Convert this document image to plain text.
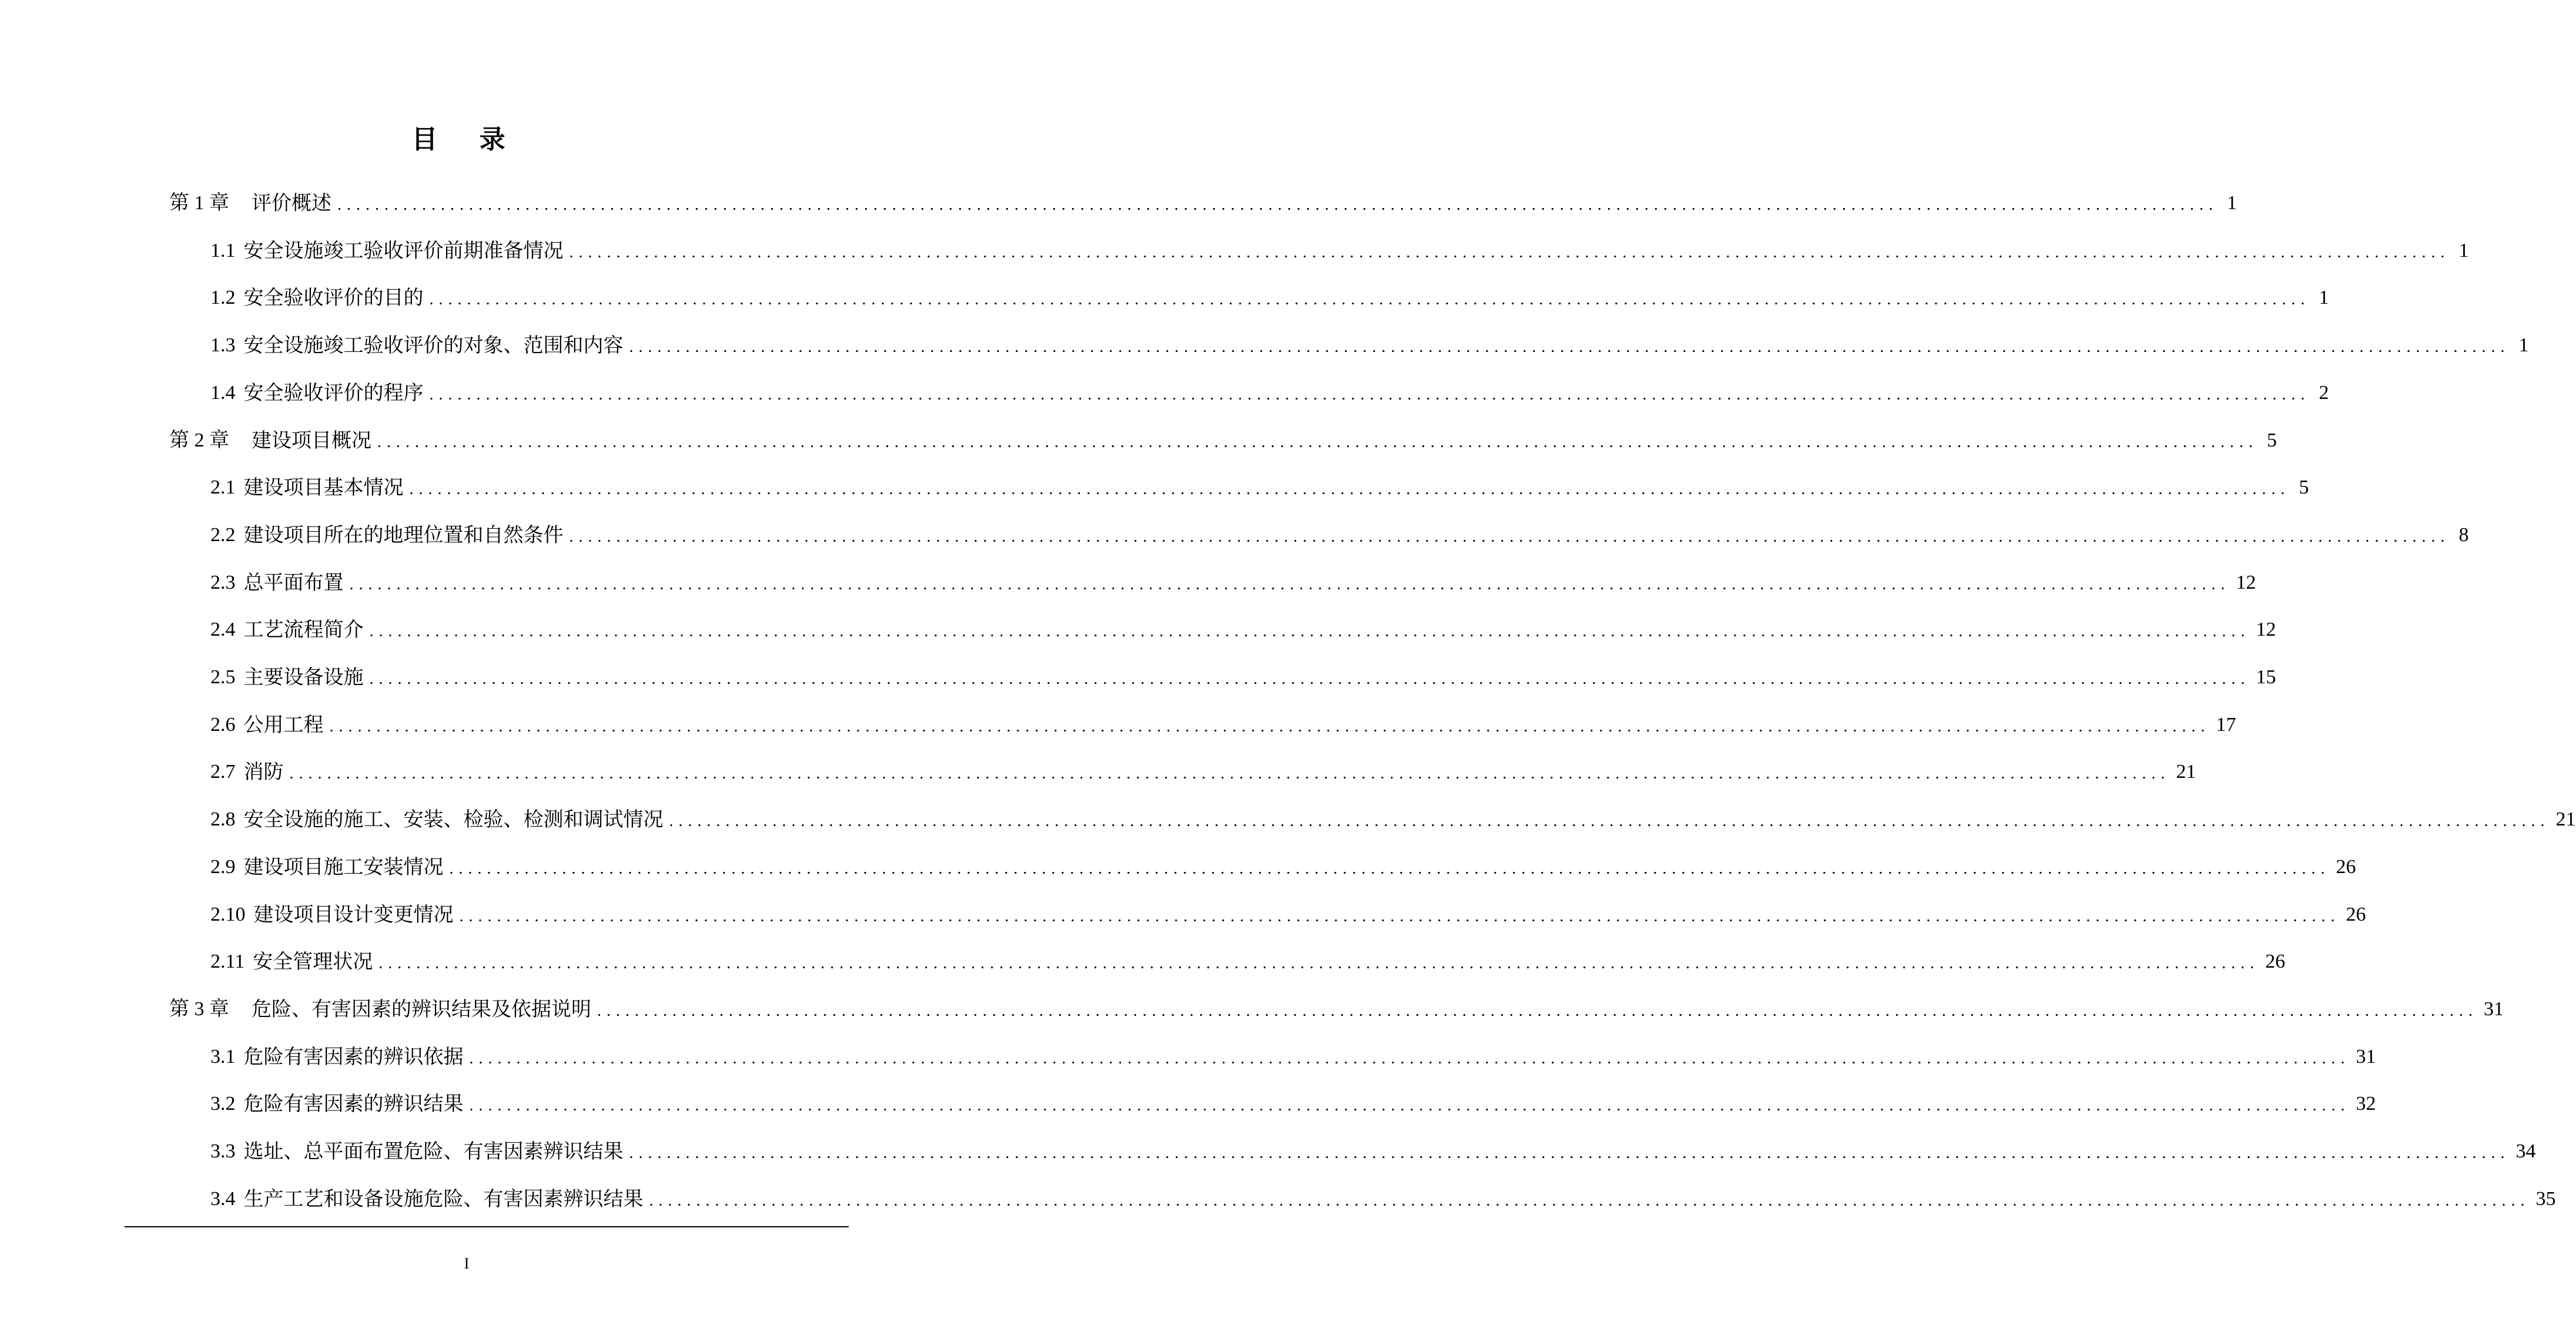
目 录
第 1 章 评价概述 ........................................................................................................................................................................................................ 1
1.1 安全设施竣工验收评价前期准备情况 ........................................................................................................................................................................................................ 1
1.2 安全验收评价的目的 ........................................................................................................................................................................................................ 1
1.3 安全设施竣工验收评价的对象、范围和内容 ........................................................................................................................................................................................................ 1
1.4 安全验收评价的程序 ........................................................................................................................................................................................................ 2
第 2 章 建设项目概况 ........................................................................................................................................................................................................ 5
2.1 建设项目基本情况 ........................................................................................................................................................................................................ 5
2.2 建设项目所在的地理位置和自然条件 ........................................................................................................................................................................................................ 8
2.3 总平面布置 ........................................................................................................................................................................................................ 12
2.4 工艺流程简介 ........................................................................................................................................................................................................ 12
2.5 主要设备设施 ........................................................................................................................................................................................................ 15
2.6 公用工程 ........................................................................................................................................................................................................ 17
2.7 消防 ........................................................................................................................................................................................................ 21
2.8 安全设施的施工、安装、检验、检测和调试情况 ........................................................................................................................................................................................................ 21
2.9 建设项目施工安装情况 ........................................................................................................................................................................................................ 26
2.10 建设项目设计变更情况 ........................................................................................................................................................................................................ 26
2.11 安全管理状况 ........................................................................................................................................................................................................ 26
第 3 章 危险、有害因素的辨识结果及依据说明 ........................................................................................................................................................................................................ 31
3.1 危险有害因素的辨识依据 ........................................................................................................................................................................................................ 31
3.2 危险有害因素的辨识结果 ........................................................................................................................................................................................................ 32
3.3 选址、总平面布置危险、有害因素辨识结果 ........................................................................................................................................................................................................ 34
3.4 生产工艺和设备设施危险、有害因素辨识结果 ........................................................................................................................................................................................................ 35
I
